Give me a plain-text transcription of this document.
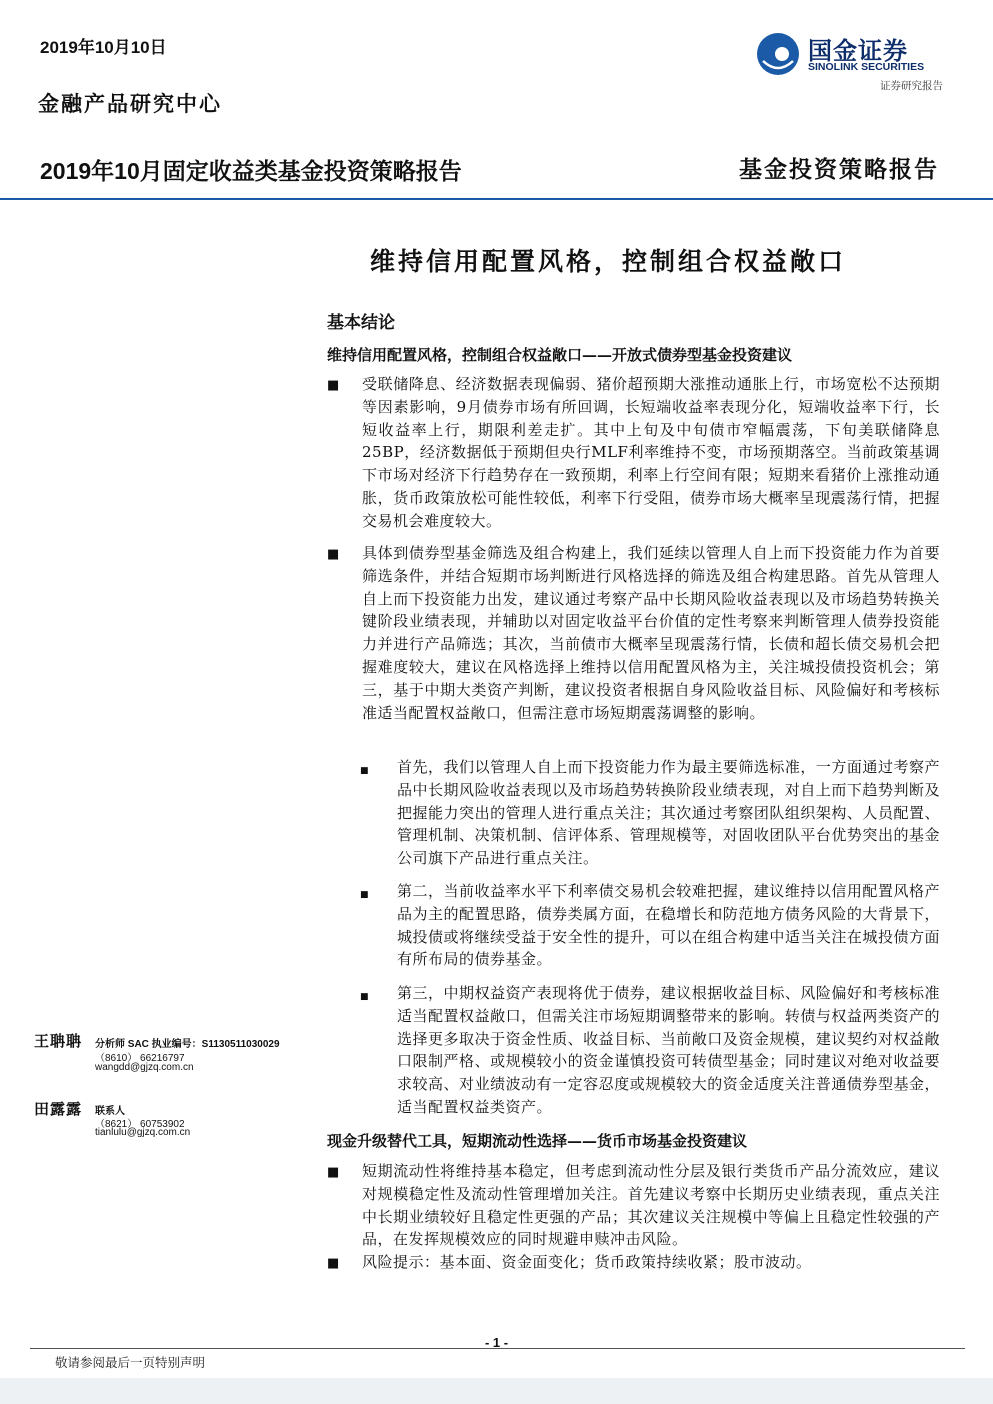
2019年10月10日
金融产品研究中心
国金证券
SINOLINK SECURITIES
证券研究报告
2019年10月固定收益类基金投资策略报告	基金投资策略报告
维持信用配置风格，控制组合权益敞口
基本结论
维持信用配置风格，控制组合权益敞口——开放式债券型基金投资建议
■ 受联储降息、经济数据表现偏弱、猪价超预期大涨推动通胀上行，市场宽松不达预期等因素影响，9月债券市场有所回调，长短端收益率表现分化，短端收益率下行，长短收益率上行，期限利差走扩。其中上旬及中旬债市窄幅震荡，下旬美联储降息25BP，经济数据低于预期但央行MLF利率维持不变，市场预期落空。当前政策基调下市场对经济下行趋势存在一致预期，利率上行空间有限；短期来看猪价上涨推动通胀，货币政策放松可能性较低，利率下行受阻，债券市场大概率呈现震荡行情，把握交易机会难度较大。
■ 具体到债券型基金筛选及组合构建上，我们延续以管理人自上而下投资能力作为首要筛选条件，并结合短期市场判断进行风格选择的筛选及组合构建思路。首先从管理人自上而下投资能力出发，建议通过考察产品中长期风险收益表现以及市场趋势转换关键阶段业绩表现，并辅助以对固定收益平台价值的定性考察来判断管理人债券投资能力并进行产品筛选；其次，当前债市大概率呈现震荡行情，长债和超长债交易机会把握难度较大，建议在风格选择上维持以信用配置风格为主，关注城投债投资机会；第三，基于中期大类资产判断，建议投资者根据自身风险收益目标、风险偏好和考核标准适当配置权益敞口，但需注意市场短期震荡调整的影响。
■ 首先，我们以管理人自上而下投资能力作为最主要筛选标准，一方面通过考察产品中长期风险收益表现以及市场趋势转换阶段业绩表现，对自上而下趋势判断及把握能力突出的管理人进行重点关注；其次通过考察团队组织架构、人员配置、管理机制、决策机制、信评体系、管理规模等，对固收团队平台优势突出的基金公司旗下产品进行重点关注。
■ 第二，当前收益率水平下利率债交易机会较难把握，建议维持以信用配置风格产品为主的配置思路，债券类属方面，在稳增长和防范地方债务风险的大背景下，城投债或将继续受益于安全性的提升，可以在组合构建中适当关注在城投债方面有所布局的债券基金。
■ 第三，中期权益资产表现将优于债券，建议根据收益目标、风险偏好和考核标准适当配置权益敞口，但需关注市场短期调整带来的影响。转债与权益两类资产的选择更多取决于资金性质、收益目标、当前敞口及资金规模，建议契约对权益敞口限制严格、或规模较小的资金谨慎投资可转债型基金；同时建议对绝对收益要求较高、对业绩波动有一定容忍度或规模较大的资金适度关注普通债券型基金，适当配置权益类资产。
现金升级替代工具，短期流动性选择——货币市场基金投资建议
■ 短期流动性将维持基本稳定，但考虑到流动性分层及银行类货币产品分流效应，建议对规模稳定性及流动性管理增加关注。首先建议考察中长期历史业绩表现，重点关注中长期业绩较好且稳定性更强的产品；其次建议关注规模中等偏上且稳定性较强的产品，在发挥规模效应的同时规避申赎冲击风险。
■ 风险提示：基本面、资金面变化；货币政策持续收紧；股市波动。
王聃聃 分析师 SAC 执业编号：S1130511030029
（8610） 66216797
wangdd@gjzq.com.cn
田露露 联系人
（8621） 60753902
tianlulu@gjzq.com.cn
- 1 -
敬请参阅最后一页特别声明
